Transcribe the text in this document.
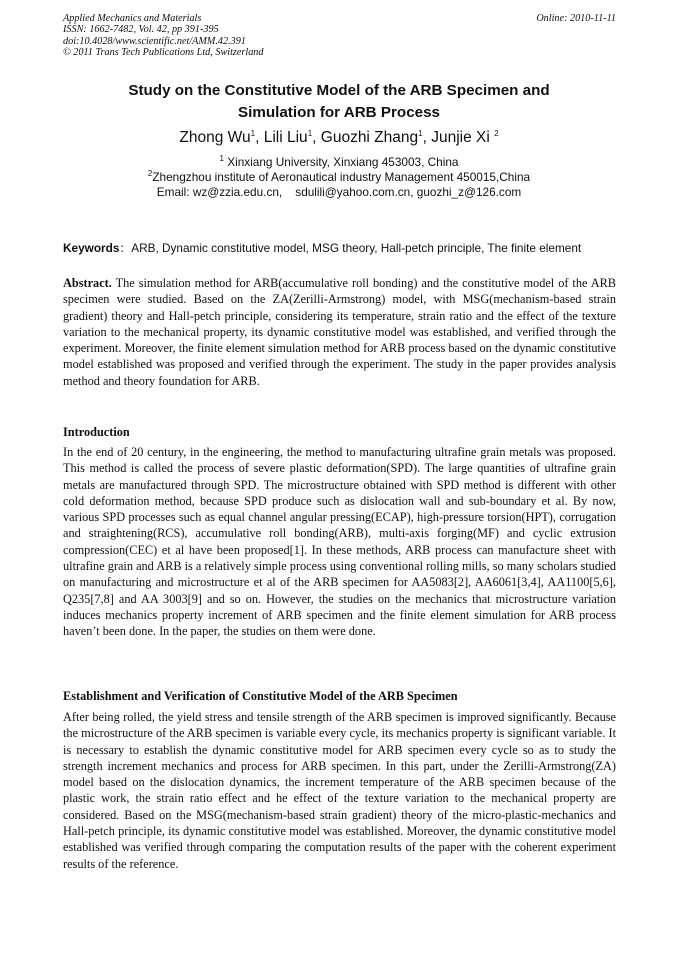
Applied Mechanics and Materials
ISSN: 1662-7482, Vol. 42, pp 391-395
doi:10.4028/www.scientific.net/AMM.42.391
© 2011 Trans Tech Publications Ltd, Switzerland
Online: 2010-11-11
Study on the Constitutive Model of the ARB Specimen and Simulation for ARB Process
Zhong Wu$^1$, Lili Liu$^1$, Guozhi Zhang$^1$, Junjie Xi $^2$
$^1$ Xinxiang University, Xinxiang 453003, China
$^2$Zhengzhou institute of Aeronautical industry Management 450015,China
Email: wz@zzia.edu.cn,    sdulili@yahoo.com.cn, guozhi_z@126.com
Keywords：ARB, Dynamic constitutive model, MSG theory, Hall-petch principle, The finite element
Abstract. The simulation method for ARB(accumulative roll bonding) and the constitutive model of the ARB specimen were studied. Based on the ZA(Zerilli-Armstrong) model, with MSG(mechanism-based strain gradient) theory and Hall-petch principle, considering its temperature, strain ratio and the effect of the texture variation to the mechanical property, its dynamic constitutive model was established, and verified through the experiment. Moreover, the finite element simulation method for ARB process based on the dynamic constitutive model established was proposed and verified through the experiment. The study in the paper provides analysis method and theory foundation for ARB.
Introduction
In the end of 20 century, in the engineering, the method to manufacturing ultrafine grain metals was proposed. This method is called the process of severe plastic deformation(SPD). The large quantities of ultrafine grain metals are manufactured through SPD. The microstructure obtained with SPD method is different with other cold deformation method, because SPD produce such as dislocation wall and sub-boundary et al. By now, various SPD processes such as equal channel angular pressing(ECAP), high-pressure torsion(HPT), corrugation and straightening(RCS), accumulative roll bonding(ARB), multi-axis forging(MF) and cyclic extrusion compression(CEC) et al have been proposed[1]. In these methods, ARB process can manufacture sheet with ultrafine grain and ARB is a relatively simple process using conventional rolling mills, so many scholars studied on manufacturing and microstructure et al of the ARB specimen for AA5083[2], AA6061[3,4], AA1100[5,6], Q235[7,8] and AA 3003[9] and so on. However, the studies on the mechanics that microstructure variation induces mechanics property increment of ARB specimen and the finite element simulation for ARB process haven’t been done. In the paper, the studies on them were done.
Establishment and Verification of Constitutive Model of the ARB Specimen
After being rolled, the yield stress and tensile strength of the ARB specimen is improved significantly. Because the microstructure of the ARB specimen is variable every cycle, its mechanics property is significant variable. It is necessary to establish the dynamic constitutive model for ARB specimen every cycle so as to study the strength increment mechanics and process for ARB specimen. In this part, under the Zerilli-Armstrong(ZA) model based on the dislocation dynamics, the increment temperature of the ARB specimen because of the plastic work, the strain ratio effect and he effect of the texture variation to the mechanical property are considered. Based on the MSG(mechanism-based strain gradient) theory of the micro-plastic-mechanics and Hall-petch principle, its dynamic constitutive model was established. Moreover, the dynamic constitutive model established was verified through comparing the computation results of the paper with the coherent experiment results of the reference.
